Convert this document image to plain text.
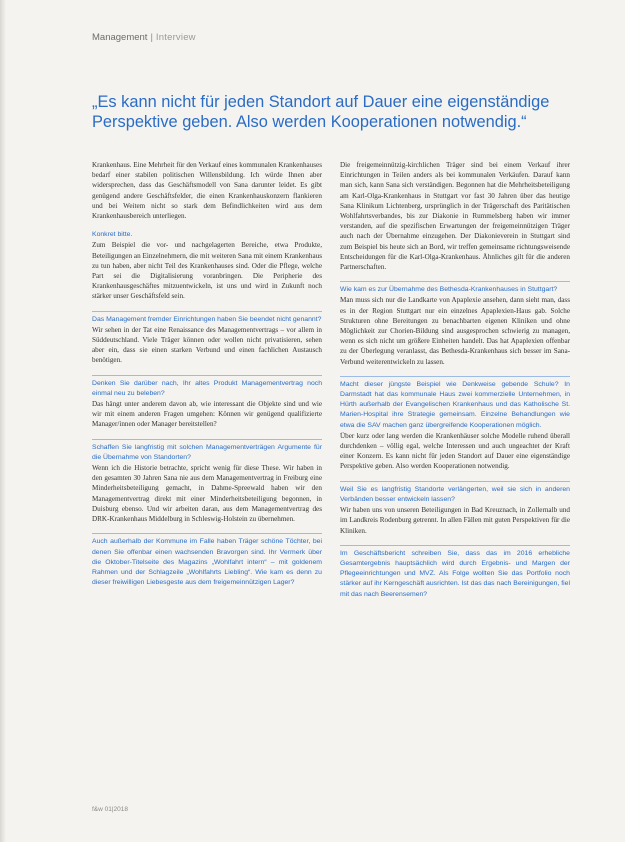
Management | Interview
„Es kann nicht für jeden Standort auf Dauer eine eigenständige Perspektive geben. Also werden Kooperationen notwendig.“

Krankenhaus. Eine Mehrheit für den Verkauf eines kommunalen Krankenhauses bedarf einer stabilen politischen Willensbildung. Ich würde Ihnen aber widersprechen, dass das Geschäftsmodell von Sana darunter leidet. Es gibt genügend andere Geschäftsfelder, die einen Krankenhauskonzern flankieren und bei Weitem nicht so stark dem Befindlichkeiten wird aus dem Krankenhausbereich unterliegen.

Konkret bitte.

Zum Beispiel die vor- und nachgelagerten Bereiche, etwa Produkte, Beteiligungen an Einzelnehmern, die mit weiteren Sana mit einem Krankenhaus zu tun haben, aber nicht Teil des Krankenhauses sind. Oder die Pflege, welche Part sei die Digitalisierung voranbringen. Die Peripherie des Krankenhausgeschäftes mitzuentwickeln, ist uns und wird in Zukunft noch stärker unser Geschäftsfeld sein.

Das Management fremder Einrichtungen haben Sie beendet nicht genannt?

Wir sehen in der Tat eine Renaissance des Managementvertrags – vor allem in Süddeutschland. Viele Träger können oder wollen nicht privatisieren, sehen aber ein, dass sie einen starken Verbund und einen fachlichen Austausch benötigen.

Denken Sie darüber nach, Ihr altes Produkt Managementvertrag noch einmal neu zu beleben?

Das hängt unter anderem davon ab, wie interessant die Objekte sind und wie wir mit einem anderen Fragen umgehen: Können wir genügend qualifizierte Manager/innen oder Manager bereitstellen?

Schaffen Sie langfristig mit solchen Managementverträgen Argumente für die Übernahme von Standorten?

Wenn ich die Historie betrachte, spricht wenig für diese These. Wir haben in den gesamten 30 Jahren Sana nie aus dem Managementvertrag in Freiburg eine Minderheitsbeteiligung gemacht, in Dahme-Spreewald haben wir den Managementvertrag direkt mit einer Minderheitsbeteiligung begonnen, in Duisburg ebenso. Und wir arbeiten daran, aus dem Managementvertrag des DRK-Krankenhaus Middelburg in Schleswig-Holstein zu übernehmen.

Auch außerhalb der Kommune im Falle haben Träger schöne Töchter, bei denen Sie offenbar einen wachsenden Bravorgen sind. Ihr Vermerk über die Oktober-Titelseite des Magazins „Wohlfahrt intern“ – mit goldenem Rahmen und der Schlagzeile „Wohlfahrts Liebling“. Wie kam es denn zu dieser freiwilligen Liebesgeste aus dem freigemeinnützigen Lager?

Die freigemeinnützig-kirchlichen Träger sind bei einem Verkauf ihrer Einrichtungen in Teilen anders als bei kommunalen Verkäufen. Darauf kann man sich, kann Sana sich verständigen. Begonnen hat die Mehrheitsbeteiligung am Karl-Olga-Krankenhaus in Stuttgart vor fast 30 Jahren über das heutige Sana Klinikum Lichtenberg, ursprünglich in der Trägerschaft des Paritätischen Wohlfahrtsverbandes, bis zur Diakonie in Rummelsberg haben wir immer verstanden, auf die spezifischen Erwartungen der freigemeinnützigen Träger auch nach der Übernahme einzugehen. Der Diakonieverein in Stuttgart sind zum Beispiel bis heute sich an Bord, wir treffen gemeinsame richtungsweisende Entscheidungen für die Karl-Olga-Krankenhaus. Ähnliches gilt für die anderen Partnerschaften.

Wie kam es zur Übernahme des Bethesda-Krankenhauses in Stuttgart?

Man muss sich nur die Landkarte von Apaplexie ansehen, dann sieht man, dass es in der Region Stuttgart nur ein einzelnes Apaplexien-Haus gab. Solche Strukturen ohne Bereitungen zu benachbarten eigenen Kliniken und ohne Möglichkeit zur Chorien-Bildung sind ausgesprochen schwierig zu managen, wenn es sich nicht um größere Einheiten handelt. Das hat Apaplexien offenbar zu der Überlegung veranlasst, das Bethesda-Krankenhaus sich besser im Sana-Verbund weiterentwickeln zu lassen.

Macht dieser jüngste Beispiel wie Denkweise gebende Schule? In Darmstadt hat das kommunale Haus zwei kommerzielle Unternehmen, in Hürth außerhalb der Evangelischen Krankenhaus und das Katholische St. Marien-Hospital ihre Strategie gemeinsam. Einzelne Behandlungen wie etwa die SAV machen ganz übergreifende Kooperationen möglich.

Über kurz oder lang werden die Krankenhäuser solche Modelle ruhend überall durchdenken – völlig egal, welche Interessen und auch ungeachtet der Kraft einer Konzern. Es kann nicht für jeden Standort auf Dauer eine eigenständige Perspektive geben. Also werden Kooperationen notwendig.

Weil Sie es langfristig Standorte verlängerten, weil sie sich in anderen Verbänden besser entwickeln lassen?

Wir haben uns von unseren Beteiligungen in Bad Kreuznach, in Zollernalb und im Landkreis Rodenburg getrennt. In allen Fällen mit guten Perspektiven für die Kliniken.

Im Geschäftsbericht schreiben Sie, dass das im 2016 erhebliche Gesamtergebnis hauptsächlich wird durch Ergebnis- und Margen der Pflegeeinrichtungen und MVZ. Als Folge wollten Sie das Portfolio noch stärker auf ihr Kerngeschäft ausrichten. Ist das das nach Bereinigungen, fiel mit das nach Beerensemen?

f&w 01|2018
